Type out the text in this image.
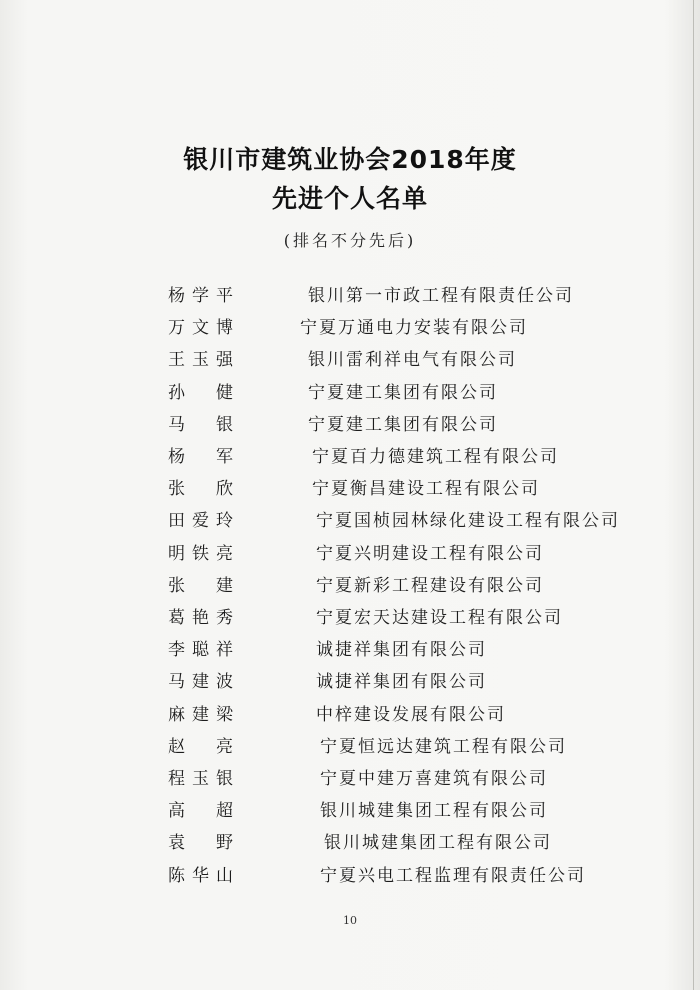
银川市建筑业协会2018年度
先进个人名单
(排名不分先后)
杨学平	银川第一市政工程有限责任公司
万文博	宁夏万通电力安装有限公司
王玉强	银川雷利祥电气有限公司
孙 健	宁夏建工集团有限公司
马 银	宁夏建工集团有限公司
杨 军	宁夏百力德建筑工程有限公司
张 欣	宁夏衡昌建设工程有限公司
田爱玲	宁夏国桢园林绿化建设工程有限公司
明铁亮	宁夏兴明建设工程有限公司
张 建	宁夏新彩工程建设有限公司
葛艳秀	宁夏宏天达建设工程有限公司
李聪祥	诚捷祥集团有限公司
马建波	诚捷祥集团有限公司
麻建梁	中梓建设发展有限公司
赵 亮	宁夏恒远达建筑工程有限公司
程玉银	宁夏中建万喜建筑有限公司
高 超	银川城建集团工程有限公司
袁 野	银川城建集团工程有限公司
陈华山	宁夏兴电工程监理有限责任公司
10
